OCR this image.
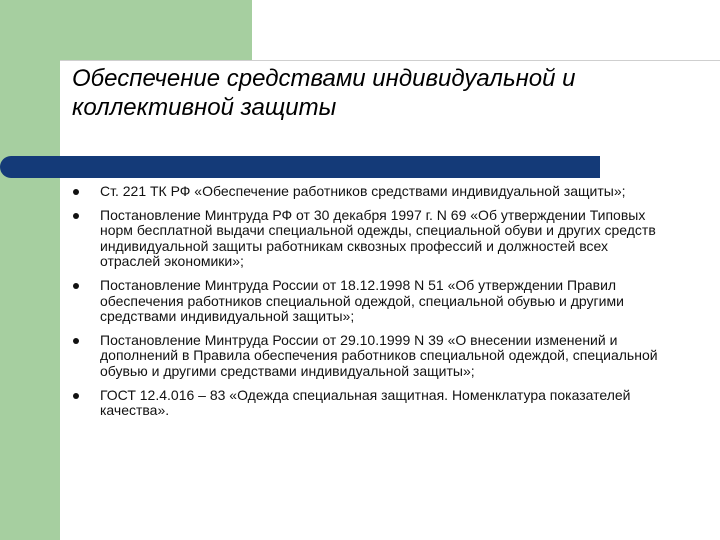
Обеспечение средствами индивидуальной и коллективной защиты
Ст. 221 ТК РФ «Обеспечение работников средствами индивидуальной защиты»;
Постановление Минтруда РФ от 30 декабря 1997 г. N 69 «Об утверждении Типовых норм бесплатной выдачи специальной одежды, специальной обуви и других средств индивидуальной защиты работникам сквозных профессий и должностей всех отраслей экономики»;
Постановление Минтруда России от 18.12.1998 N 51 «Об утверждении Правил обеспечения работников специальной одеждой, специальной обувью и другими средствами индивидуальной защиты»;
Постановление Минтруда России от 29.10.1999 N 39 «О внесении изменений и дополнений в Правила обеспечения работников специальной одеждой, специальной обувью и другими средствами индивидуальной защиты»;
ГОСТ 12.4.016 – 83 «Одежда специальная защитная. Номенклатура показателей качества».
